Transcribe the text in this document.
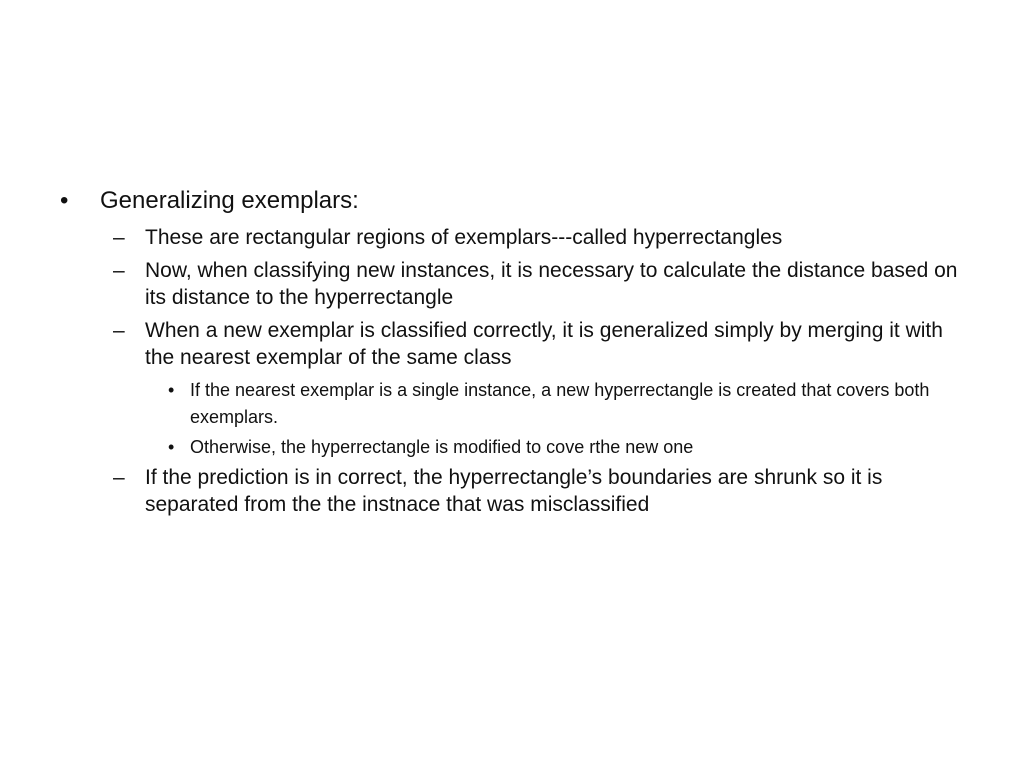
• Generalizing exemplars:
– These are rectangular regions of exemplars---called hyperrectangles
– Now, when classifying new instances, it is necessary to calculate the distance based on its distance to the hyperrectangle
– When a new exemplar is classified correctly, it is generalized simply by merging it with the nearest exemplar of the same class
• If the nearest exemplar is a single instance, a new hyperrectangle is created that covers both exemplars.
• Otherwise, the hyperrectangle is modified to cove rthe new one
– If the prediction is in correct, the hyperrectangle’s boundaries are shrunk so it is separated from the the instnace that was misclassified
